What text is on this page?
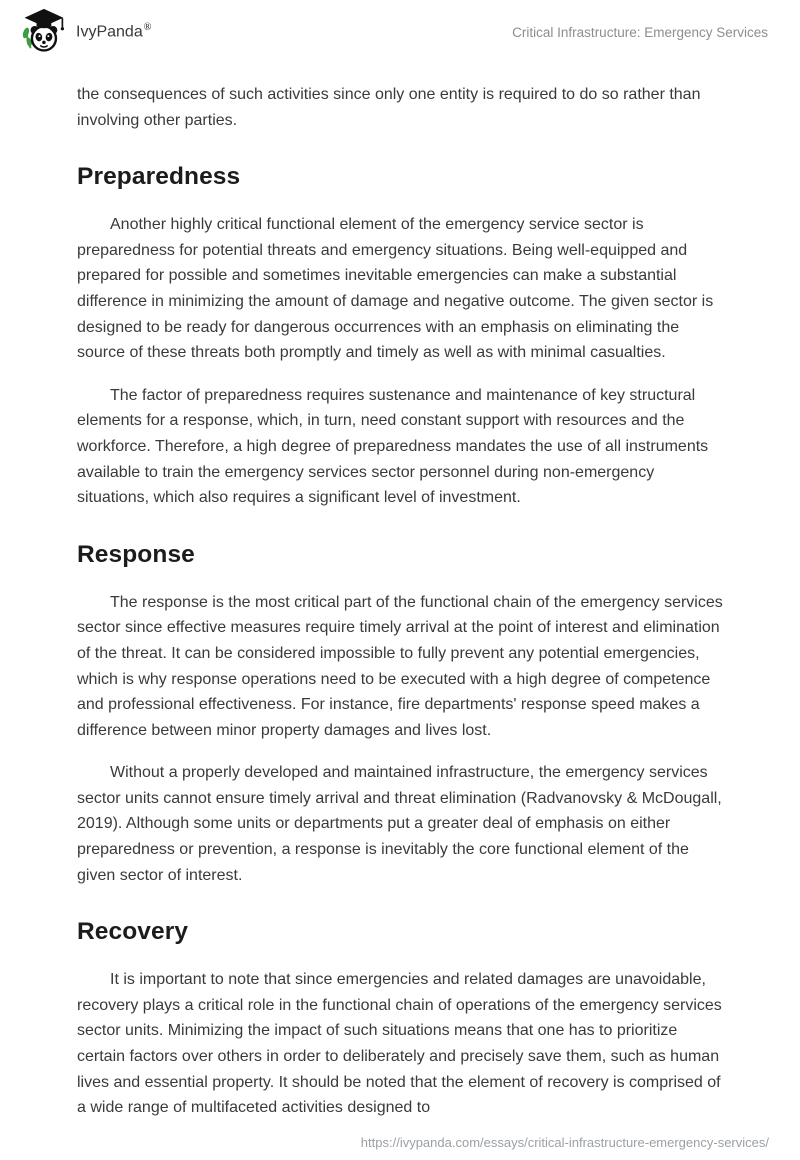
IvyPanda®	Critical Infrastructure: Emergency Services

the consequences of such activities since only one entity is required to do so rather than involving other parties.

Preparedness

Another highly critical functional element of the emergency service sector is preparedness for potential threats and emergency situations. Being well-equipped and prepared for possible and sometimes inevitable emergencies can make a substantial difference in minimizing the amount of damage and negative outcome. The given sector is designed to be ready for dangerous occurrences with an emphasis on eliminating the source of these threats both promptly and timely as well as with minimal casualties.

The factor of preparedness requires sustenance and maintenance of key structural elements for a response, which, in turn, need constant support with resources and the workforce. Therefore, a high degree of preparedness mandates the use of all instruments available to train the emergency services sector personnel during non-emergency situations, which also requires a significant level of investment.

Response

The response is the most critical part of the functional chain of the emergency services sector since effective measures require timely arrival at the point of interest and elimination of the threat. It can be considered impossible to fully prevent any potential emergencies, which is why response operations need to be executed with a high degree of competence and professional effectiveness. For instance, fire departments' response speed makes a difference between minor property damages and lives lost.

Without a properly developed and maintained infrastructure, the emergency services sector units cannot ensure timely arrival and threat elimination (Radvanovsky & McDougall, 2019). Although some units or departments put a greater deal of emphasis on either preparedness or prevention, a response is inevitably the core functional element of the given sector of interest.

Recovery

It is important to note that since emergencies and related damages are unavoidable, recovery plays a critical role in the functional chain of operations of the emergency services sector units. Minimizing the impact of such situations means that one has to prioritize certain factors over others in order to deliberately and precisely save them, such as human lives and essential property. It should be noted that the element of recovery is comprised of a wide range of multifaceted activities designed to

https://ivypanda.com/essays/critical-infrastructure-emergency-services/
